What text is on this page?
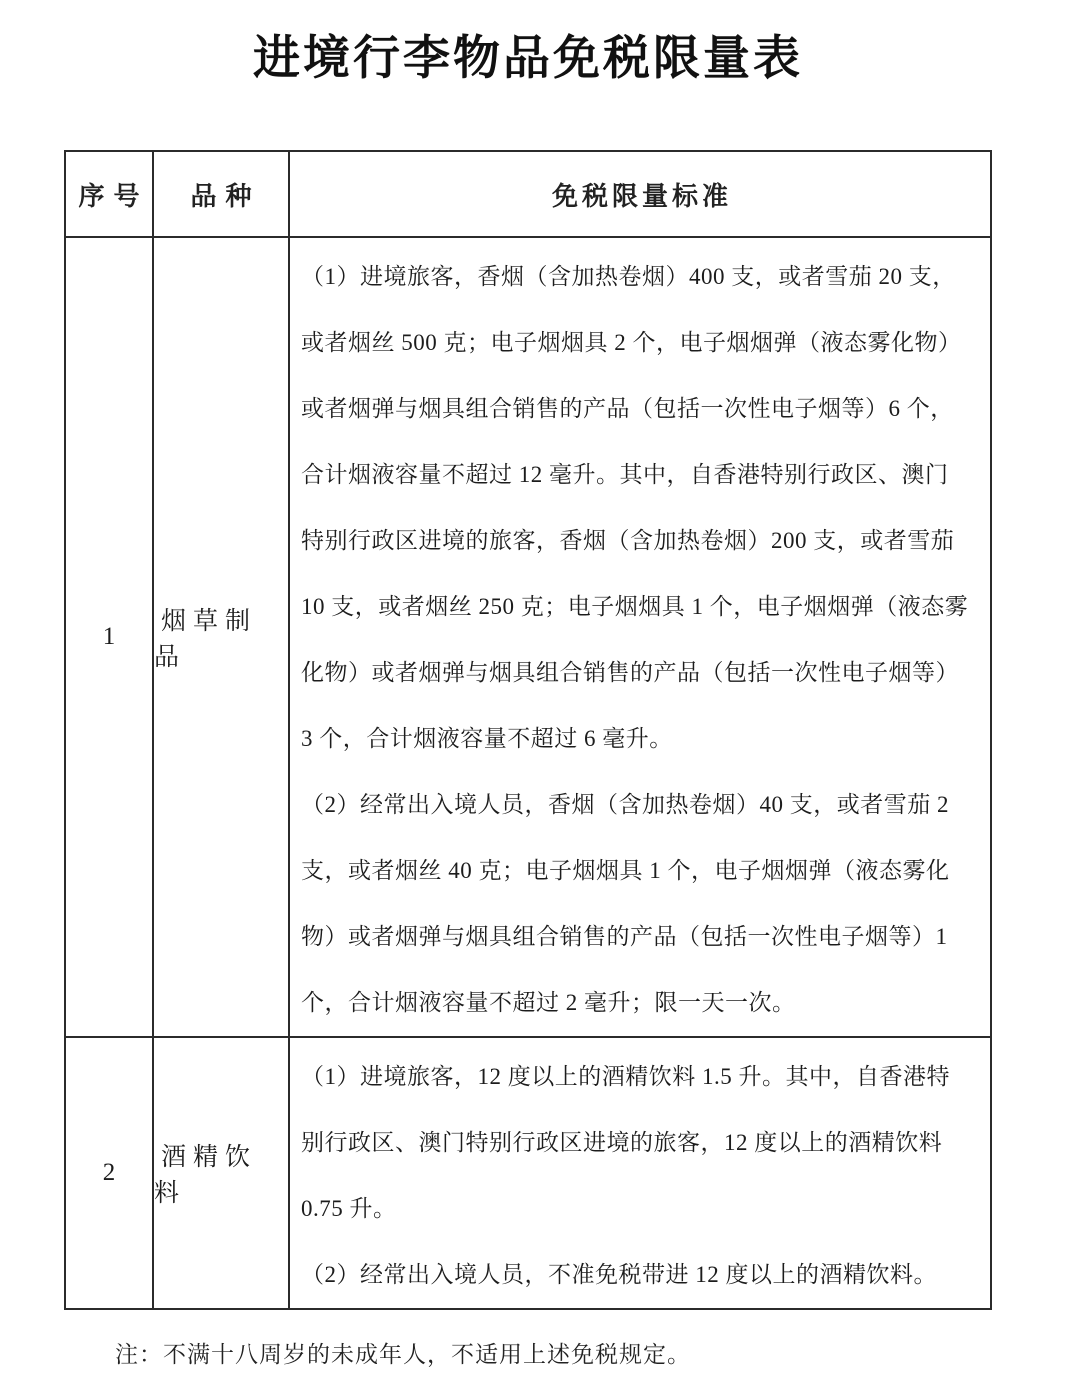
进境行李物品免税限量表
序号	品种	免税限量标准
1
烟草制品
（1）进境旅客，香烟（含加热卷烟）400 支，或者雪茄 20 支，
或者烟丝 500 克；电子烟烟具 2 个，电子烟烟弹（液态雾化物）
或者烟弹与烟具组合销售的产品（包括一次性电子烟等）6 个，
合计烟液容量不超过 12 毫升。其中，自香港特别行政区、澳门
特别行政区进境的旅客，香烟（含加热卷烟）200 支，或者雪茄
10 支，或者烟丝 250 克；电子烟烟具 1 个，电子烟烟弹（液态雾
化物）或者烟弹与烟具组合销售的产品（包括一次性电子烟等）
3 个，合计烟液容量不超过 6 毫升。
（2）经常出入境人员，香烟（含加热卷烟）40 支，或者雪茄 2
支，或者烟丝 40 克；电子烟烟具 1 个，电子烟烟弹（液态雾化
物）或者烟弹与烟具组合销售的产品（包括一次性电子烟等）1
个，合计烟液容量不超过 2 毫升；限一天一次。
2
酒精饮料
（1）进境旅客，12 度以上的酒精饮料 1.5 升。其中，自香港特
别行政区、澳门特别行政区进境的旅客，12 度以上的酒精饮料
0.75 升。
（2）经常出入境人员，不准免税带进 12 度以上的酒精饮料。

注：不满十八周岁的未成年人，不适用上述免税规定。
